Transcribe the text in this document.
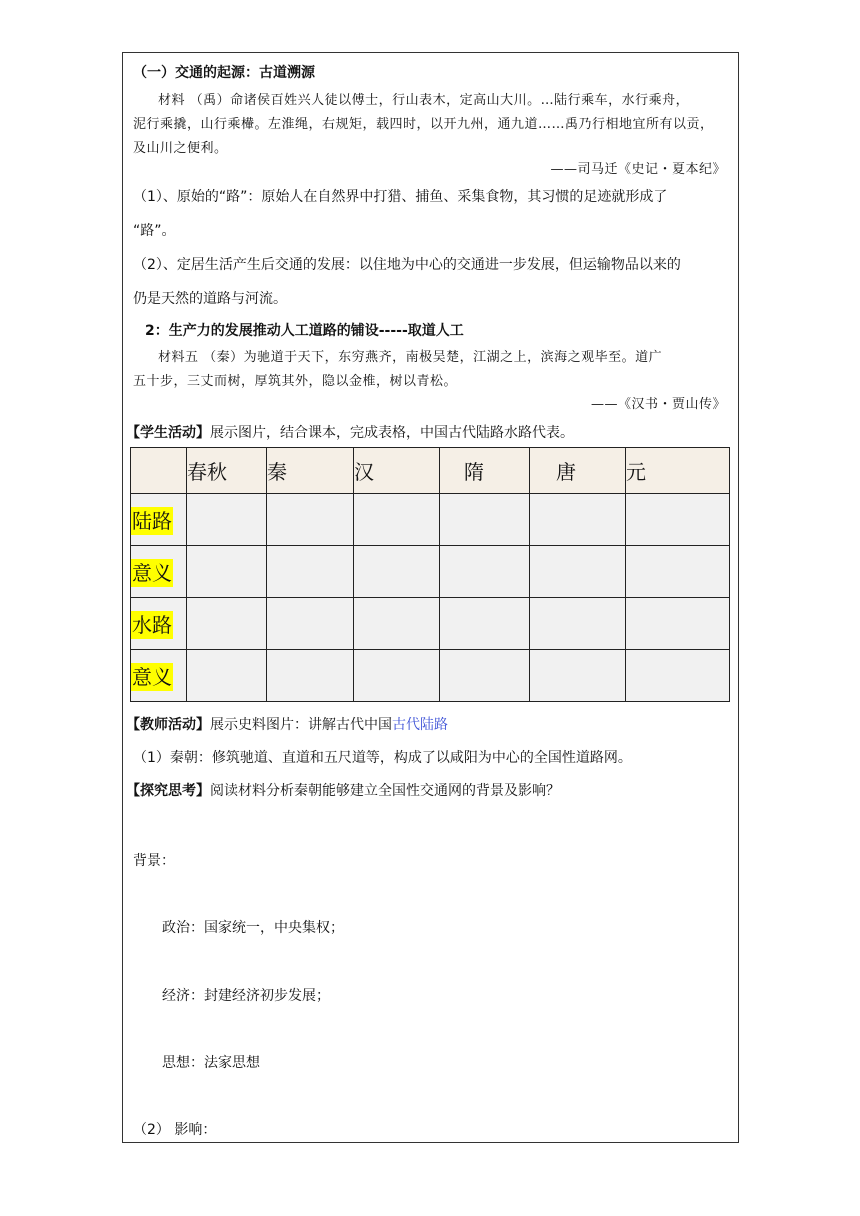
（一）交通的起源：古道溯源
材料 （禹）命诸侯百姓兴人徒以傅士，行山表木，定高山大川。…陆行乘车，水行乘舟，
泥行乘撬，山行乘檋。左淮绳，右规矩，载四时，以开九州，通九道……禹乃行相地宜所有以贡，
及山川之便利。
——司马迁《史记・夏本纪》
（1）、原始的“路”：原始人在自然界中打猎、捕鱼、采集食物，其习惯的足迹就形成了
“路”。
（2）、定居生活产生后交通的发展：以住地为中心的交通进一步发展，但运输物品以来的
仍是天然的道路与河流。
2：生产力的发展推动人工道路的铺设-----取道人工
材料五 （秦）为驰道于天下，东穷燕齐，南极吴楚，江湖之上，滨海之观毕至。道广
五十步，三丈而树，厚筑其外，隐以金椎，树以青松。
——《汉书・贾山传》
【学生活动】展示图片，结合课本，完成表格，中国古代陆路水路代表。
	春秋	秦	汉	隋	唐	元
陆路						
意义						
水路						
意义						
【教师活动】展示史料图片：讲解古代中国古代陆路
（1）秦朝：修筑驰道、直道和五尺道等，构成了以咸阳为中心的全国性道路网。
【探究思考】阅读材料分析秦朝能够建立全国性交通网的背景及影响？
背景：
政治：国家统一，中央集权；
经济：封建经济初步发展；
思想：法家思想
（2） 影响：
